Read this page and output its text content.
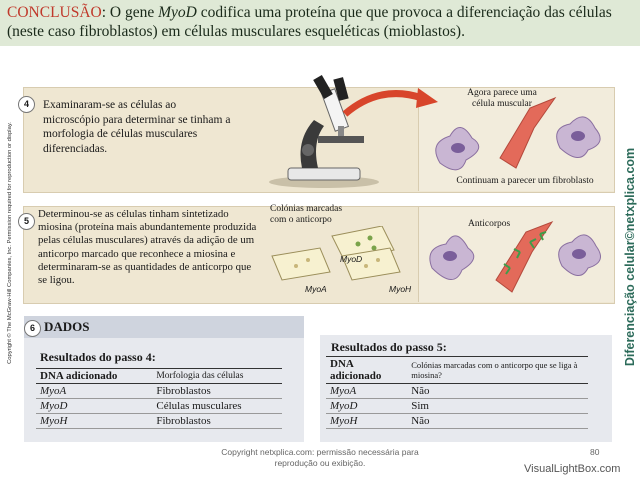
CONCLUSÃO: O gene MyoD codifica uma proteína que que provoca a diferenciação das células (neste caso fibroblastos) em células musculares esqueléticas (mioblastos).
Copyright © The McGraw-Hill Companies, Inc. Permission required for reproduction or display.	Diferenciação celular©netxplica.com
4	Examinaram-se as células ao microscópio para determinar se tinham a morfologia de células musculares diferenciadas.
Agora parece uma célula muscular
Continuam a parecer um fibroblasto
5
Determinou-se as células tinham sintetizado miosina (proteína mais abundantemente produzida pelas células musculares) através da adição de um anticorpo marcado que reconhece a miosina e determinaram-se as quantidades de anticorpo que se ligou.
Colónias marcadas com o anticorpo
MyoD
MyoA	MyoH
Anticorpos
6 DADOS
Resultados do passo 4:
DNA adicionado	Morfologia das células
MyoA	Fibroblastos
MyoD	Células musculares
MyoH	Fibroblastos
Resultados do passo 5:
DNA adicionado	Colónias marcadas com o anticorpo que se liga à miosina?
MyoA	Não
MyoD	Sim
MyoH	Não
Copyright netxplica.com: permissão necessária para reprodução ou exibição.
80
VisualLightBox.com
